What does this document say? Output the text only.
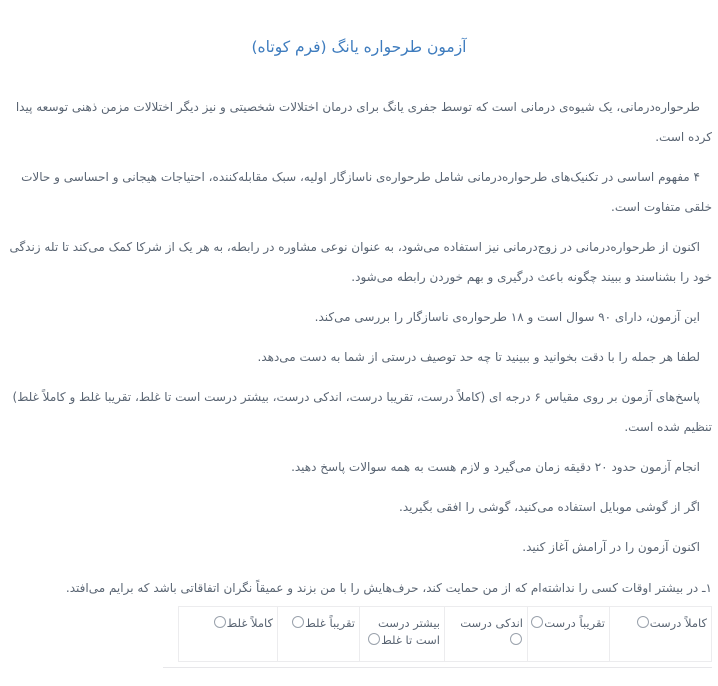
آزمون طرحواره یانگ (فرم کوتاه)

طرحواره‌درمانی، یک شیوه‌ی درمانی است که توسط جفری یانگ برای درمان اختلالات شخصیتی و نیز دیگر اختلالات مزمن ذهنی توسعه پیدا کرده است.

۴ مفهوم اساسی در تکنیک‌های طرحواره‌درمانی شامل طرحواره‌ی ناسازگار اولیه، سبک مقابله‌کننده، احتیاجات هیجانی و احساسی و حالات خلقی متفاوت است.

اکنون از طرحواره‌درمانی در زوج‌درمانی نیز استفاده می‌شود، به عنوان نوعی مشاوره در رابطه، به هر یک از شرکا کمک می‌کند تا تله زندگی خود را بشناسند و ببیند چگونه باعث درگیری و بهم خوردن رابطه می‌شود.

این آزمون، دارای ۹۰ سوال است و ۱۸ طرحواره‌ی ناسازگار را بررسی می‌کند.

لطفا هر جمله را با دقت بخوانید و ببینید تا چه حد توصیف درستی از شما به دست می‌دهد.

پاسخ‌های آزمون بر روی مقیاس ۶ درجه ای (کاملاً درست، تقریبا درست، اندکی درست، بیشتر درست است تا غلط، تقریبا غلط و کاملاً غلط) تنظیم شده است.

انجام آزمون حدود ۲۰ دقیقه زمان می‌گیرد و لازم هست به همه سوالات پاسخ دهید.

اگر از گوشی موبایل استفاده می‌کنید، گوشی را افقی بگیرید.

اکنون آزمون را در آرامش آغاز کنید.

۱ـ در بیشتر اوقات کسی را نداشته‌ام که از من حمایت کند، حرف‌هایش را با من بزند و عمیقاً نگران اتفاقاتی باشد که برایم می‌افتد.
کاملاً درست	تقریباً درست	اندکی درست	بیشتر درست است تا غلط	تقریباً غلط	کاملاً غلط
